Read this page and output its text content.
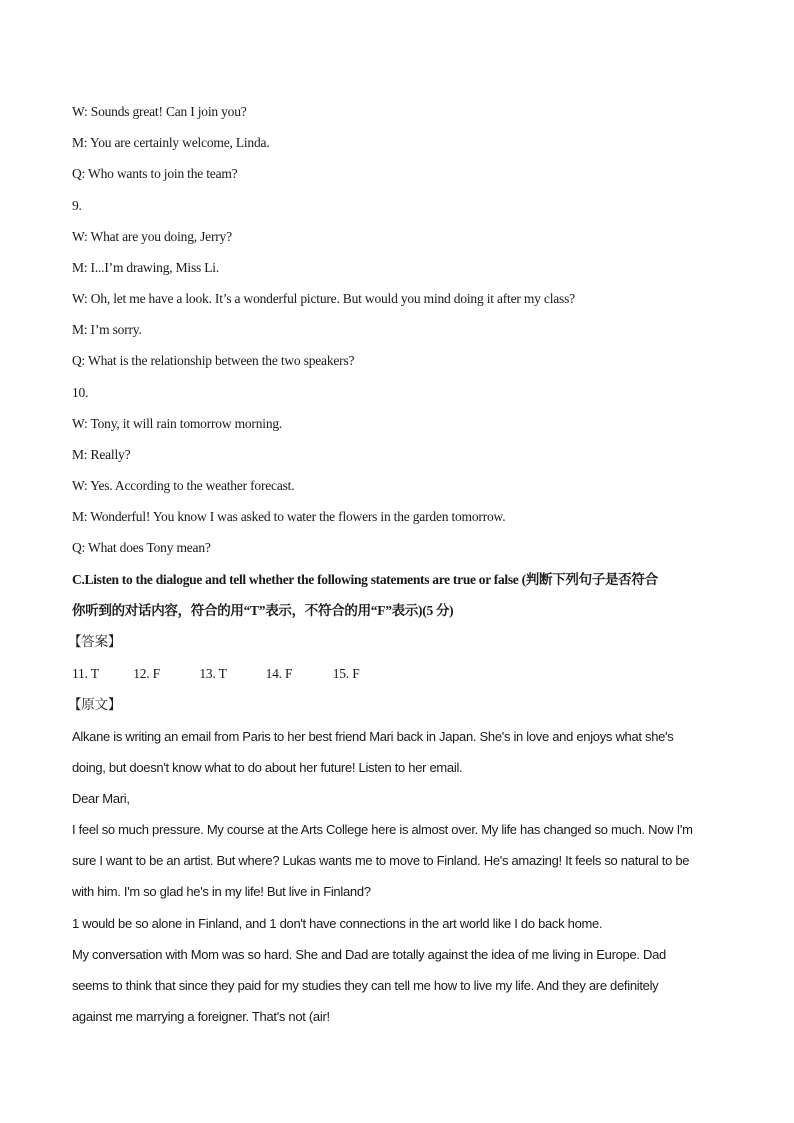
W: Sounds great! Can I join you?
M: You are certainly welcome, Linda.
Q: Who wants to join the team?
9.
W: What are you doing, Jerry?
M: I...I’m drawing, Miss Li.
W: Oh, let me have a look. It’s a wonderful picture. But would you mind doing it after my class?
M: I’m sorry.
Q: What is the relationship between the two speakers?
10.
W: Tony, it will rain tomorrow morning.
M: Really?
W: Yes. According to the weather forecast.
M: Wonderful! You know I was asked to water the flowers in the garden tomorrow.
Q: What does Tony mean?
C.Listen to the dialogue and tell whether the following statements are true or false (判断下列句子是否符合
你听到的对话内容，符合的用“T”表示，不符合的用“F”表示)(5 分)
【答案】
11. T	12. F	13. T	14. F	15. F
【原文】
Alkane is writing an email from Paris to her best friend Mari back in Japan. She's in love and enjoys what she's
doing, but doesn't know what to do about her future! Listen to her email.
Dear Mari,
I feel so much pressure. My course at the Arts College here is almost over. My life has changed so much. Now I'm
sure I want to be an artist. But where? Lukas wants me to move to Finland. He's amazing! It feels so natural to be
with him. I'm so glad he's in my life! But live in Finland?
1 would be so alone in Finland, and 1 don't have connections in the art world like I do back home.
My conversation with Mom was so hard. She and Dad are totally against the idea of me living in Europe. Dad
seems to think that since they paid for my studies they can tell me how to live my life. And they are definitely
against me marrying a foreigner. That's not (air!
